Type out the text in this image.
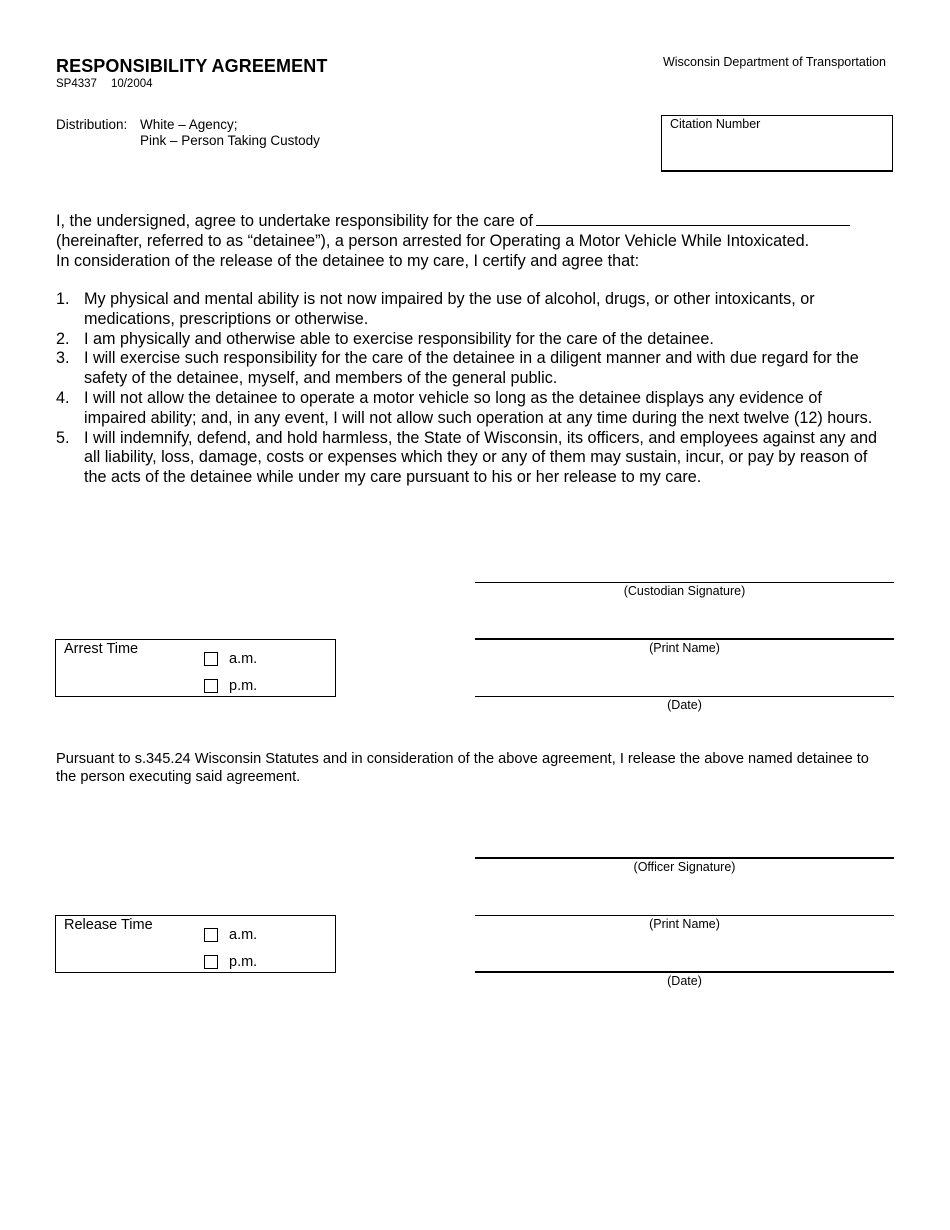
RESPONSIBILITY AGREEMENT
SP4337 10/2004
Wisconsin Department of Transportation
Distribution: White – Agency;
Pink – Person Taking Custody
Citation Number
I, the undersigned, agree to undertake responsibility for the care of
(hereinafter, referred to as “detainee”), a person arrested for Operating a Motor Vehicle While Intoxicated.
In consideration of the release of the detainee to my care, I certify and agree that:
1. My physical and mental ability is not now impaired by the use of alcohol, drugs, or other intoxicants, or medications, prescriptions or otherwise.
2. I am physically and otherwise able to exercise responsibility for the care of the detainee.
3. I will exercise such responsibility for the care of the detainee in a diligent manner and with due regard for the safety of the detainee, myself, and members of the general public.
4. I will not allow the detainee to operate a motor vehicle so long as the detainee displays any evidence of impaired ability; and, in any event, I will not allow such operation at any time during the next twelve (12) hours.
5. I will indemnify, defend, and hold harmless, the State of Wisconsin, its officers, and employees against any and all liability, loss, damage, costs or expenses which they or any of them may sustain, incur, or pay by reason of the acts of the detainee while under my care pursuant to his or her release to my care.
(Custodian Signature)
(Print Name)
(Date)
Arrest Time
a.m.
p.m.
Pursuant to s.345.24 Wisconsin Statutes and in consideration of the above agreement, I release the above named detainee to the person executing said agreement.
(Officer Signature)
(Print Name)
(Date)
Release Time
a.m.
p.m.
